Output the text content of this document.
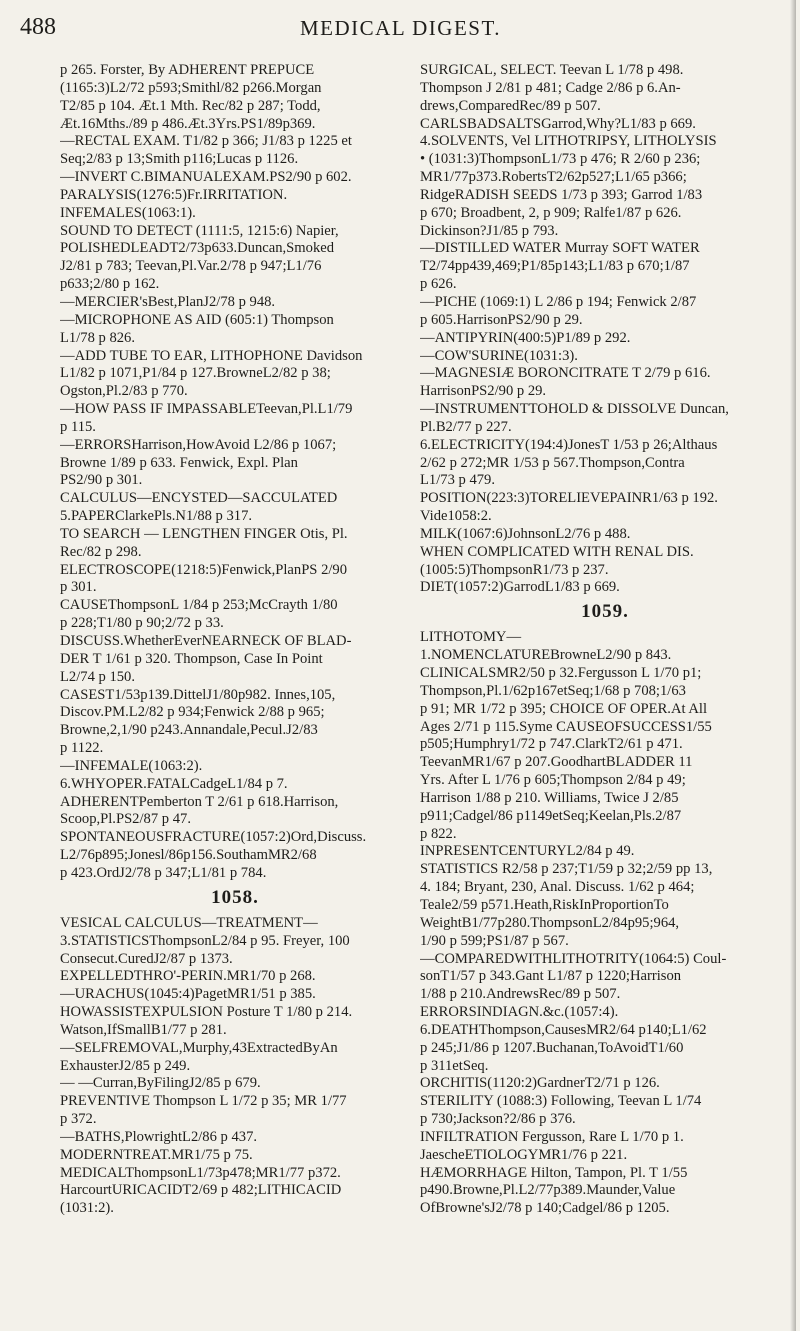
488	MEDICAL DIGEST.
p 265. Forster, By ADHERENT PREPUCE
(1165:3)L2/72 p593;Smithl/82 p266.Morgan
T2/85 p 104. Æt.1 Mth. Rec/82 p 287; Todd,
Æt.16Mths./89 p 486.Æt.3Yrs.PS1/89p369.
—RECTAL EXAM. T1/82 p 366; J1/83 p 1225 et
Seq;2/83 p 13;Smith p116;Lucas p 1126.
—INVERT C.BIMANUALEXAM.PS2/90 p 602.
PARALYSIS(1276:5)Fr.IRRITATION.
INFEMALES(1063:1).
SOUND TO DETECT (1111:5, 1215:6) Napier,
POLISHEDLEADT2/73p633.Duncan,Smoked
J2/81 p 783; Teevan,Pl.Var.2/78 p 947;L1/76
p633;2/80 p 162.
—MERCIER'sBest,PlanJ2/78 p 948.
—MICROPHONE AS AID (605:1) Thompson
L1/78 p 826.
—ADD TUBE TO EAR, LITHOPHONE Davidson
L1/82 p 1071,P1/84 p 127.BrowneL2/82 p 38;
Ogston,Pl.2/83 p 770.
—HOW PASS IF IMPASSABLETeevan,Pl.L1/79
p 115.
—ERRORSHarrison,HowAvoid L2/86 p 1067;
Browne 1/89 p 633. Fenwick, Expl. Plan
PS2/90 p 301.
CALCULUS—ENCYSTED—SACCULATED
5.PAPERClarkePls.N1/88 p 317.
TO SEARCH — LENGTHEN FINGER Otis, Pl.
Rec/82 p 298.
ELECTROSCOPE(1218:5)Fenwick,PlanPS 2/90
p 301.
CAUSEThompsonL 1/84 p 253;McCrayth 1/80
p 228;T1/80 p 90;2/72 p 33.
DISCUSS.WhetherEverNEARNECK OF BLAD-
DER T 1/61 p 320. Thompson, Case In Point
L2/74 p 150.
CASEST1/53p139.DittelJ1/80p982. Innes,105,
Discov.PM.L2/82 p 934;Fenwick 2/88 p 965;
Browne,2,1/90 p243.Annandale,Pecul.J2/83
p 1122.
—INFEMALE(1063:2).
6.WHYOPER.FATALCadgeL1/84 p 7.
ADHERENTPemberton T 2/61 p 618.Harrison,
Scoop,Pl.PS2/87 p 47.
SPONTANEOUSFRACTURE(1057:2)Ord,Discuss.
L2/76p895;Jonesl/86p156.SouthamMR2/68
p 423.OrdJ2/78 p 347;L1/81 p 784.
1058.
VESICAL CALCULUS—TREATMENT—
3.STATISTICSThompsonL2/84 p 95. Freyer, 100
Consecut.CuredJ2/87 p 1373.
EXPELLEDTHRO'-PERIN.MR1/70 p 268.
—URACHUS(1045:4)PagetMR1/51 p 385.
HOWASSISTEXPULSION Posture T 1/80 p 214.
Watson,IfSmallB1/77 p 281.
—SELFREMOVAL,Murphy,43ExtractedByAn
ExhausterJ2/85 p 249.
— —Curran,ByFilingJ2/85 p 679.
PREVENTIVE Thompson L 1/72 p 35; MR 1/77
p 372.
—BATHS,PlowrightL2/86 p 437.
MODERNTREAT.MR1/75 p 75.
MEDICALThompsonL1/73p478;MR1/77 p372.
HarcourtURICACIDT2/69 p 482;LITHICACID
(1031:2).
SURGICAL, SELECT. Teevan L 1/78 p 498.
Thompson J 2/81 p 481; Cadge 2/86 p 6.An-
drews,ComparedRec/89 p 507.
CARLSBADSALTSGarrod,Why?L1/83 p 669.
4.SOLVENTS, Vel LITHOTRIPSY, LITHOLYSIS
• (1031:3)ThompsonL1/73 p 476; R 2/60 p 236;
MR1/77p373.RobertsT2/62p527;L1/65 p366;
RidgeRADISH SEEDS 1/73 p 393; Garrod 1/83
p 670; Broadbent, 2, p 909; Ralfe1/87 p 626.
Dickinson?J1/85 p 793.
—DISTILLED WATER Murray SOFT WATER
T2/74pp439,469;P1/85p143;L1/83 p 670;1/87
p 626.
—PICHE (1069:1) L 2/86 p 194; Fenwick 2/87
p 605.HarrisonPS2/90 p 29.
—ANTIPYRIN(400:5)P1/89 p 292.
—COW'SURINE(1031:3).
—MAGNESIÆ BORONCITRATE T 2/79 p 616.
HarrisonPS2/90 p 29.
—INSTRUMENTTOHOLD & DISSOLVE Duncan,
Pl.B2/77 p 227.
6.ELECTRICITY(194:4)JonesT 1/53 p 26;Althaus
2/62 p 272;MR 1/53 p 567.Thompson,Contra
L1/73 p 479.
POSITION(223:3)TORELIEVEPAINR1/63 p 192.
Vide1058:2.
MILK(1067:6)JohnsonL2/76 p 488.
WHEN COMPLICATED WITH RENAL DIS.
(1005:5)ThompsonR1/73 p 237.
DIET(1057:2)GarrodL1/83 p 669.
1059.
LITHOTOMY—
1.NOMENCLATUREBrowneL2/90 p 843.
CLINICALSMR2/50 p 32.Fergusson L 1/70 p1;
Thompson,Pl.1/62p167etSeq;1/68 p 708;1/63
p 91; MR 1/72 p 395; CHOICE OF OPER.At All
Ages 2/71 p 115.Syme CAUSEOFSUCCESS1/55
p505;Humphry1/72 p 747.ClarkT2/61 p 471.
TeevanMR1/67 p 207.GoodhartBLADDER 11
Yrs. After L 1/76 p 605;Thompson 2/84 p 49;
Harrison 1/88 p 210. Williams, Twice J 2/85
p911;Cadgel/86 p1149etSeq;Keelan,Pls.2/87
p 822.
INPRESENTCENTURYL2/84 p 49.
STATISTICS R2/58 p 237;T1/59 p 32;2/59 pp 13,
4. 184; Bryant, 230, Anal. Discuss. 1/62 p 464;
Teale2/59 p571.Heath,RiskInProportionTo
WeightB1/77p280.ThompsonL2/84p95;964,
1/90 p 599;PS1/87 p 567.
—COMPAREDWITHLITHOTRITY(1064:5) Coul-
sonT1/57 p 343.Gant L1/87 p 1220;Harrison
1/88 p 210.AndrewsRec/89 p 507.
ERRORSINDIAGN.&c.(1057:4).
6.DEATHThompson,CausesMR2/64 p140;L1/62
p 245;J1/86 p 1207.Buchanan,ToAvoidT1/60
p 311etSeq.
ORCHITIS(1120:2)GardnerT2/71 p 126.
STERILITY (1088:3) Following, Teevan L 1/74
p 730;Jackson?2/86 p 376.
INFILTRATION Fergusson, Rare L 1/70 p 1.
JaescheETIOLOGYMR1/76 p 221.
HÆMORRHAGE Hilton, Tampon, Pl. T 1/55
p490.Browne,Pl.L2/77p389.Maunder,Value
OfBrowne'sJ2/78 p 140;Cadgel/86 p 1205.
